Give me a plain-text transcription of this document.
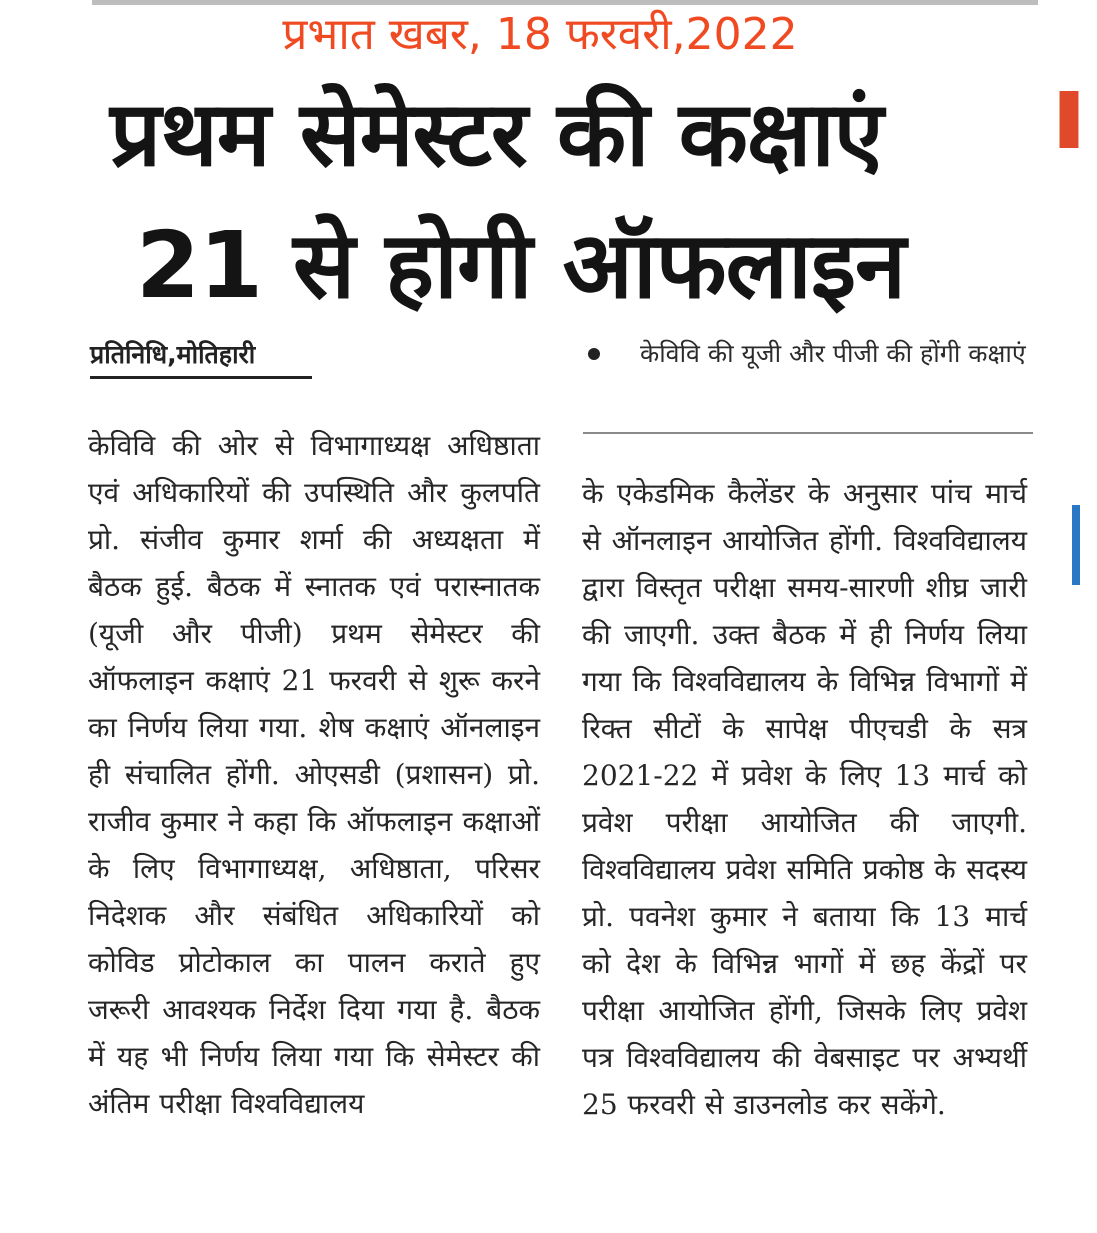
प्रभात खबर, 18 फरवरी,2022
प्रथम सेमेस्टर की कक्षाएं
21 से होगी ऑफलाइन
▌
प्रतिनिधि,मोतिहारी	केविवि की यूजी और पीजी की होंगी कक्षाएं

केविवि की ओर से विभागाध्यक्ष अधिष्ठाता एवं अधिकारियों की उपस्थिति और कुलपति प्रो. संजीव कुमार शर्मा की अध्यक्षता में बैठक हुई. बैठक में स्नातक एवं परास्नातक (यूजी और पीजी) प्रथम सेमेस्टर की ऑफलाइन कक्षाएं 21 फरवरी से शुरू करने का निर्णय लिया गया. शेष कक्षाएं ऑनलाइन ही संचालित होंगी. ओएसडी (प्रशासन) प्रो. राजीव कुमार ने कहा कि ऑफलाइन कक्षाओं के लिए विभागाध्यक्ष, अधिष्ठाता, परिसर निदेशक और संबंधित अधिकारियों को कोविड प्रोटोकाल का पालन कराते हुए जरूरी आवश्यक निर्देश दिया गया है. बैठक में यह भी निर्णय लिया गया कि सेमेस्टर की अंतिम परीक्षा विश्वविद्यालय

के एकेडमिक कैलेंडर के अनुसार पांच मार्च से ऑनलाइन आयोजित होंगी. विश्वविद्यालय द्वारा विस्तृत परीक्षा समय-सारणी शीघ्र जारी की जाएगी. उक्त बैठक में ही निर्णय लिया गया कि विश्वविद्यालय के विभिन्न विभागों में रिक्त सीटों के सापेक्ष पीएचडी के सत्र 2021-22 में प्रवेश के लिए 13 मार्च को प्रवेश परीक्षा आयोजित की जाएगी. विश्वविद्यालय प्रवेश समिति प्रकोष्ठ के सदस्य प्रो. पवनेश कुमार ने बताया कि 13 मार्च को देश के विभिन्न भागों में छह केंद्रों पर परीक्षा आयोजित होंगी, जिसके लिए प्रवेश पत्र विश्वविद्यालय की वेबसाइट पर अभ्यर्थी 25 फरवरी से डाउनलोड कर सकेंगे.
